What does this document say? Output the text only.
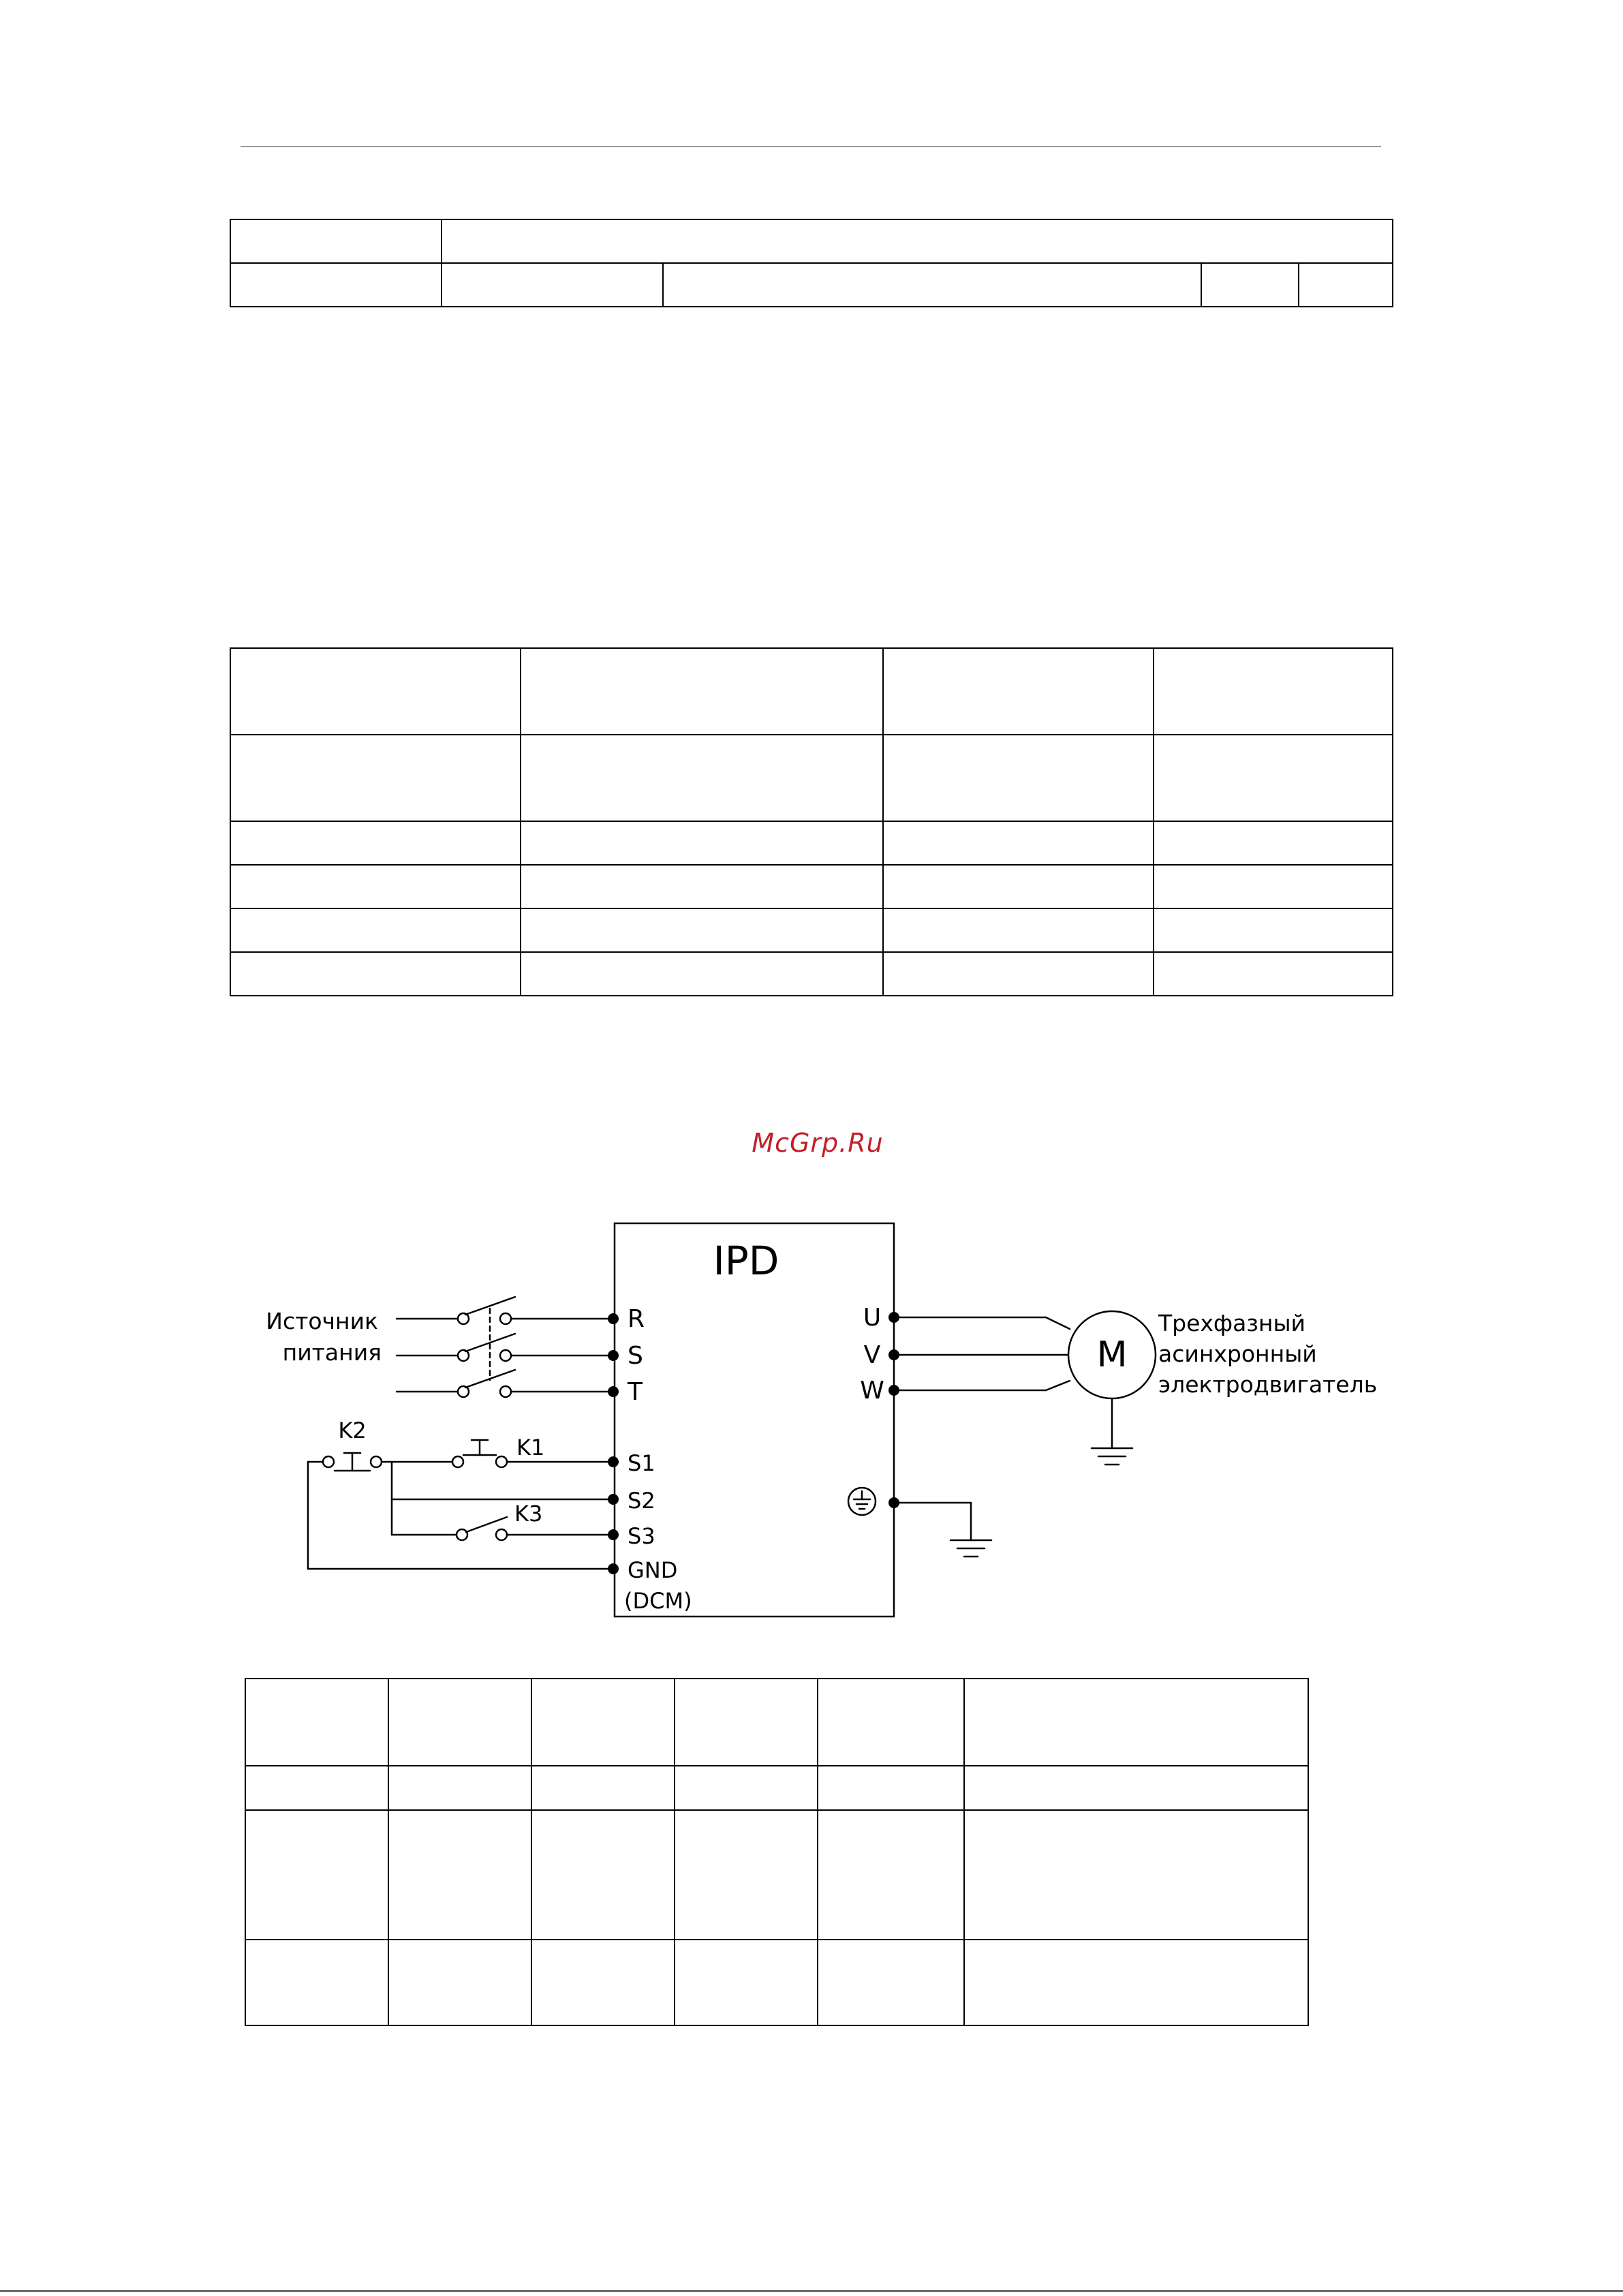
McGrp.Ru
IPD
R
S
T
Источник
питания
U
V
W
M
Трехфазный
асинхронный
электродвигатель
S1
S2
S3
GND
(DCM)
K2
K1
K3
